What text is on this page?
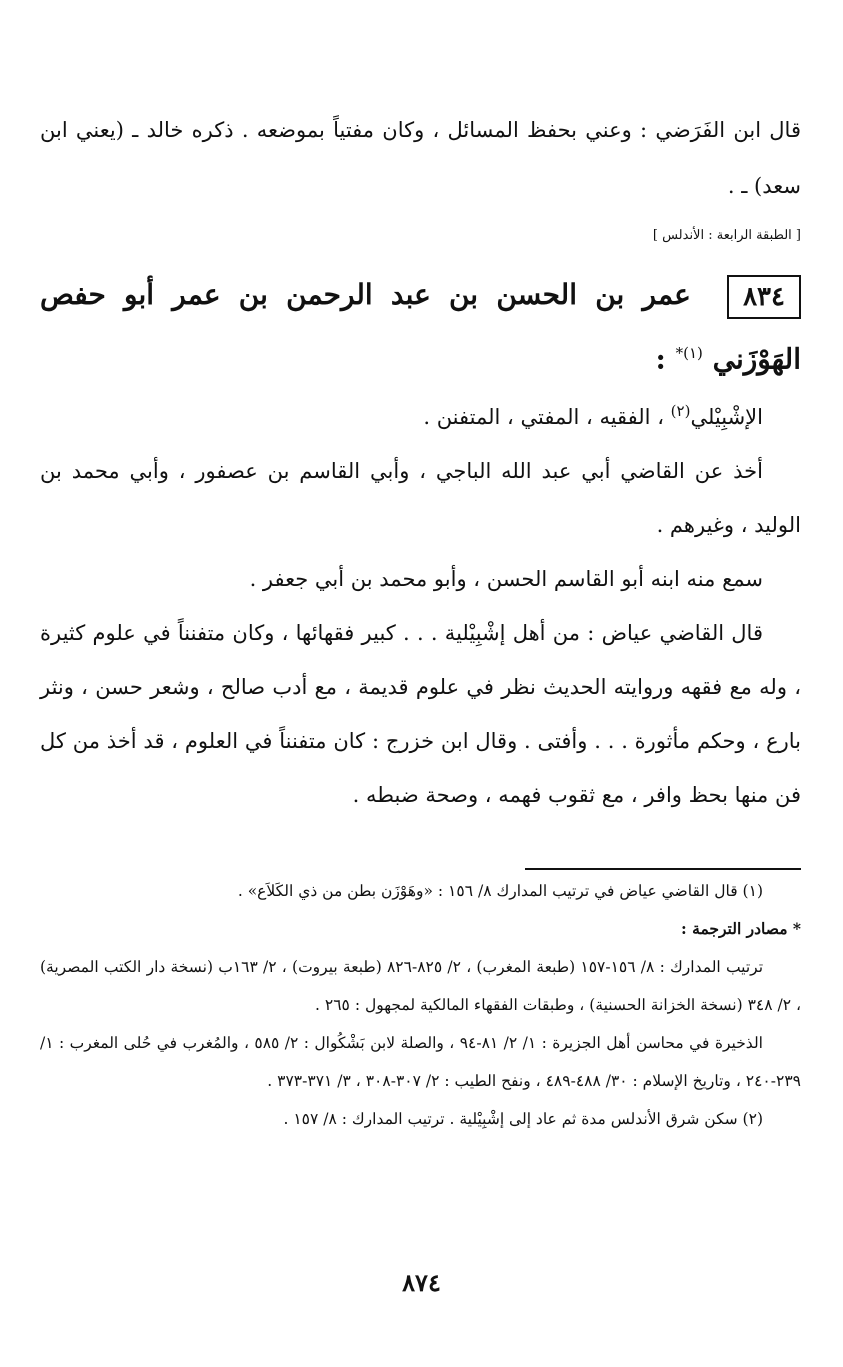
قال ابن الفَرَضي : وعني بحفظ المسائل ، وكان مفتياً بموضعه . ذكره خالد ـ (يعني ابن سعد) ـ .
[ الطبقة الرابعة : الأندلس ]
٨٣٤ عمر بن الحسن بن عبد الرحمن بن عمر أبو حفص الهَوْزَني $^{(١)*}$ :

الإشْبِيْلي$^{(٢)}$ ، الفقيه ، المفتي ، المتفنن .

أخذ عن القاضي أبي عبد الله الباجي ، وأبي القاسم بن عصفور ، وأبي محمد بن الوليد ، وغيرهم .

سمع منه ابنه أبو القاسم الحسن ، وأبو محمد بن أبي جعفر .

قال القاضي عياض : من أهل إشْبِيْلية . . . كبير فقهائها ، وكان متفنناً في علوم كثيرة ، وله مع فقهه وروايته الحديث نظر في علوم قديمة ، مع أدب صالح ، وشعر حسن ، ونثر بارع ، وحكم مأثورة . . . وأفتى . وقال ابن خزرج : كان متفنناً في العلوم ، قد أخذ من كل فن منها بحظ وافر ، مع ثقوب فهمه ، وصحة ضبطه .

(١) قال القاضي عياض في ترتيب المدارك ٨/ ١٥٦ : «وهَوْزَن بطن من ذي الكَلاَع» .

* مصادر الترجمة :

ترتيب المدارك : ٨/ ١٥٦-١٥٧ (طبعة المغرب) ، ٢/ ٨٢٥-٨٢٦ (طبعة بيروت) ، ٢/ ١٦٣ب (نسخة دار الكتب المصرية) ، ٢/ ٣٤٨ (نسخة الخزانة الحسنية) ، وطبقات الفقهاء المالكية لمجهول : ٢٦٥ .

الذخيرة في محاسن أهل الجزيرة : ١/ ٢/ ٨١-٩٤ ، والصلة لابن بَشْكُوال : ٢/ ٥٨٥ ، والمُغرب في حُلى المغرب : ١/ ٢٣٩-٢٤٠ ، وتاريخ الإسلام : ٣٠/ ٤٨٨-٤٨٩ ، ونفح الطيب : ٢/ ٣٠٧-٣٠٨ ، ٣/ ٣٧١-٣٧٣ .

(٢) سكن شرق الأندلس مدة ثم عاد إلى إشْبِيْلية . ترتيب المدارك : ٨/ ١٥٧ .

٨٧٤
